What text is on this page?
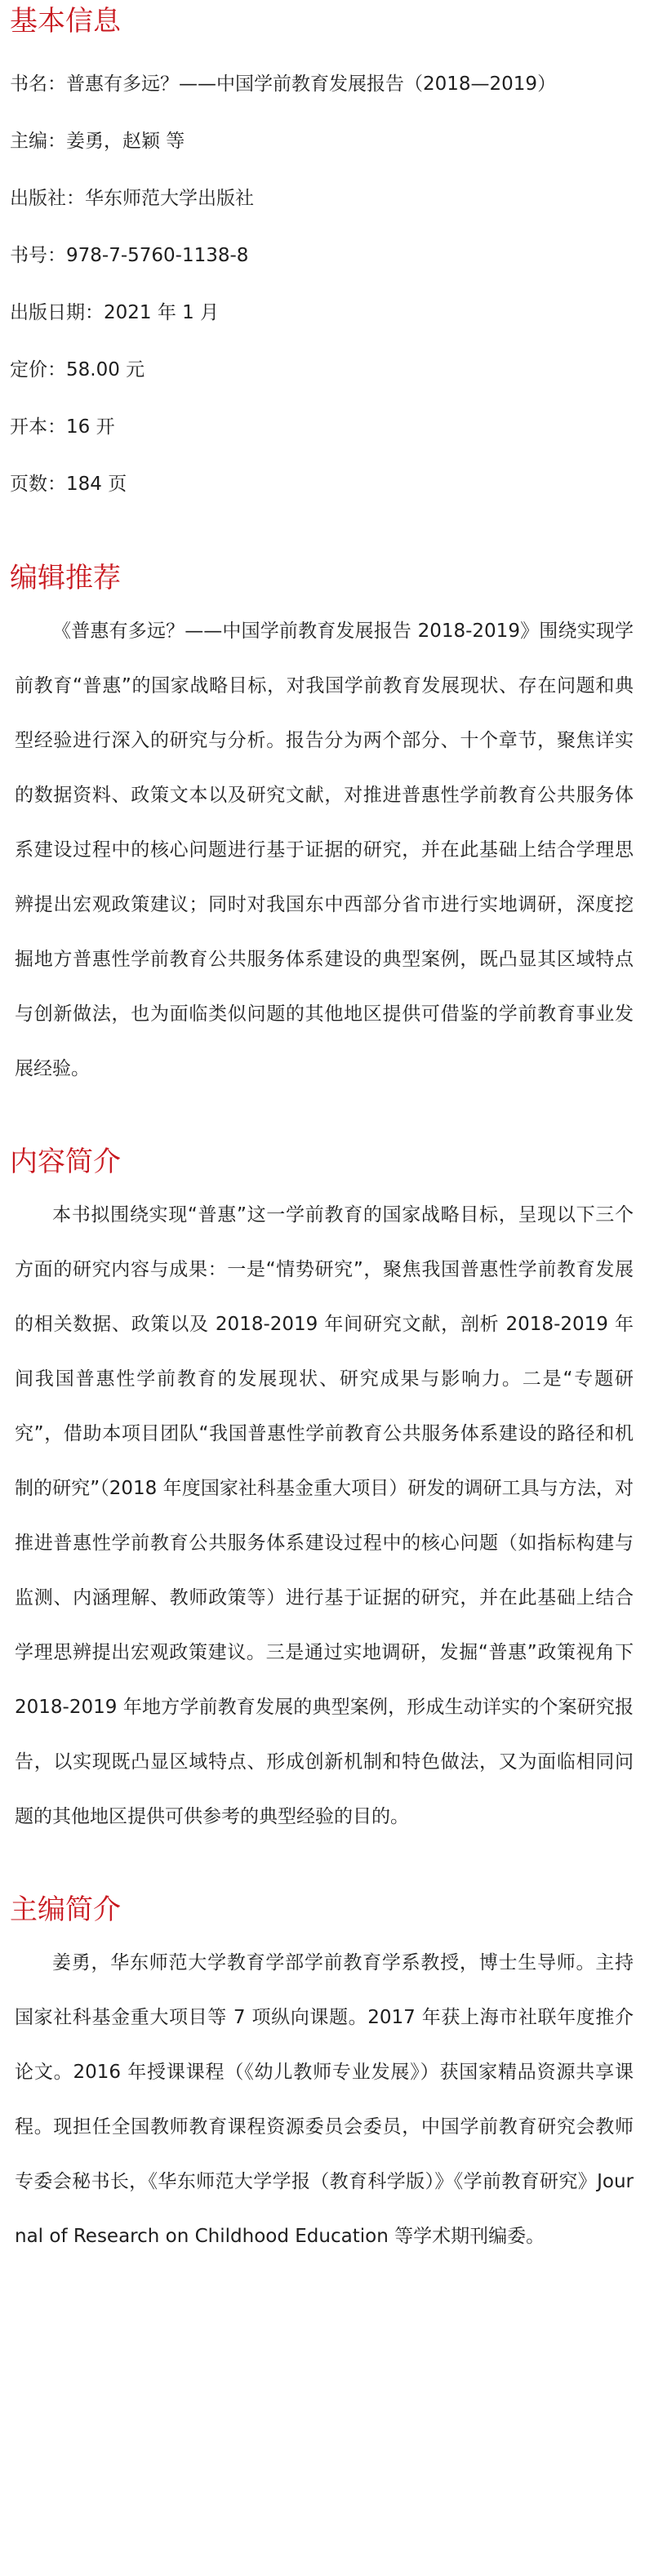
基本信息

书名：普惠有多远？——中国学前教育发展报告（2018—2019）

主编：姜勇，赵颖 等

出版社：华东师范大学出版社

书号：978-7-5760-1138-8

出版日期：2021 年 1 月

定价：58.00 元

开本：16 开

页数：184 页

编辑推荐

《普惠有多远？——中国学前教育发展报告 2018-2019》围绕实现学前教育“普惠”的国家战略目标，对我国学前教育发展现状、存在问题和典型经验进行深入的研究与分析。报告分为两个部分、十个章节，聚焦详实的数据资料、政策文本以及研究文献，对推进普惠性学前教育公共服务体系建设过程中的核心问题进行基于证据的研究，并在此基础上结合学理思辨提出宏观政策建议；同时对我国东中西部分省市进行实地调研，深度挖掘地方普惠性学前教育公共服务体系建设的典型案例，既凸显其区域特点与创新做法，也为面临类似问题的其他地区提供可借鉴的学前教育事业发展经验。

内容简介

本书拟围绕实现“普惠”这一学前教育的国家战略目标，呈现以下三个方面的研究内容与成果：一是“情势研究”，聚焦我国普惠性学前教育发展的相关数据、政策以及 2018-2019 年间研究文献，剖析 2018-2019 年间我国普惠性学前教育的发展现状、研究成果与影响力。二是“专题研究”，借助本项目团队“我国普惠性学前教育公共服务体系建设的路径和机制的研究”（2018 年度国家社科基金重大项目）研发的调研工具与方法，对推进普惠性学前教育公共服务体系建设过程中的核心问题（如指标构建与监测、内涵理解、教师政策等）进行基于证据的研究，并在此基础上结合学理思辨提出宏观政策建议。三是通过实地调研，发掘“普惠”政策视角下 2018-2019 年地方学前教育发展的典型案例，形成生动详实的个案研究报告，以实现既凸显区域特点、形成创新机制和特色做法，又为面临相同问题的其他地区提供可供参考的典型经验的目的。

主编简介

姜勇，华东师范大学教育学部学前教育学系教授，博士生导师。主持国家社科基金重大项目等 7 项纵向课题。2017 年获上海市社联年度推介论文。2016 年授课课程（《幼儿教师专业发展》）获国家精品资源共享课程。现担任全国教师教育课程资源委员会委员，中国学前教育研究会教师专委会秘书长，《华东师范大学学报（教育科学版）》《学前教育研究》Journal of Research on Childhood Education 等学术期刊编委。
